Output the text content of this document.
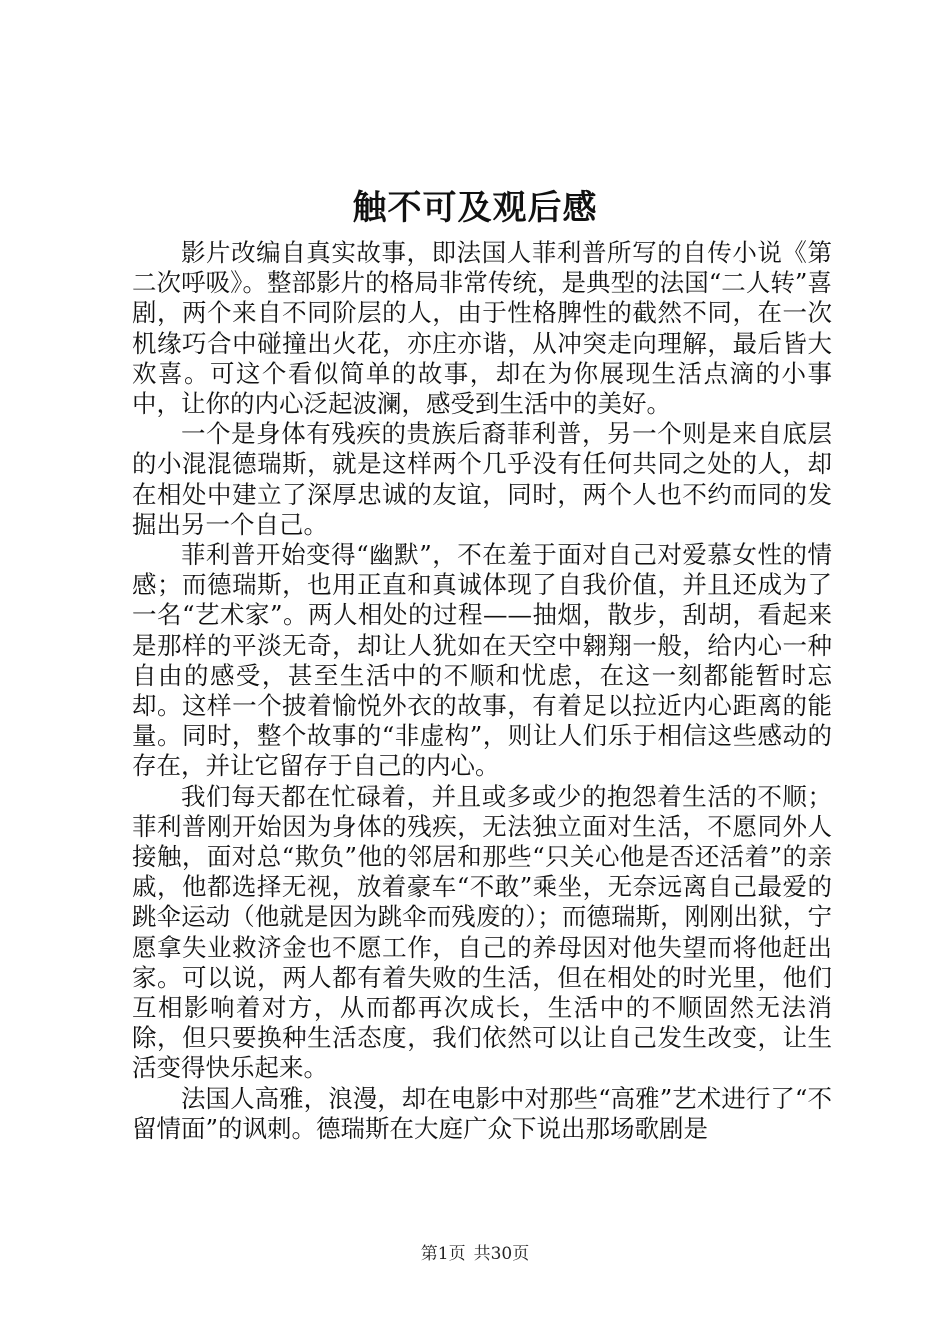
触不可及观后感

影片改编自真实故事，即法国人菲利普所写的自传小说《第二次呼吸》。整部影片的格局非常传统，是典型的法国“二人转”喜剧，两个来自不同阶层的人，由于性格脾性的截然不同，在一次机缘巧合中碰撞出火花，亦庄亦谐，从冲突走向理解，最后皆大欢喜。可这个看似简单的故事，却在为你展现生活点滴的小事中，让你的内心泛起波澜，感受到生活中的美好。

一个是身体有残疾的贵族后裔菲利普，另一个则是来自底层的小混混德瑞斯，就是这样两个几乎没有任何共同之处的人，却在相处中建立了深厚忠诚的友谊，同时，两个人也不约而同的发掘出另一个自己。

菲利普开始变得“幽默”，不在羞于面对自己对爱慕女性的情感；而德瑞斯，也用正直和真诚体现了自我价值，并且还成为了一名“艺术家”。两人相处的过程——抽烟，散步，刮胡，看起来是那样的平淡无奇，却让人犹如在天空中翱翔一般，给内心一种自由的感受，甚至生活中的不顺和忧虑，在这一刻都能暂时忘却。这样一个披着愉悦外衣的故事，有着足以拉近内心距离的能量。同时，整个故事的“非虚构”，则让人们乐于相信这些感动的存在，并让它留存于自己的内心。

我们每天都在忙碌着，并且或多或少的抱怨着生活的不顺；菲利普刚开始因为身体的残疾，无法独立面对生活，不愿同外人接触，面对总“欺负”他的邻居和那些“只关心他是否还活着”的亲戚，他都选择无视，放着豪车“不敢”乘坐，无奈远离自己最爱的跳伞运动（他就是因为跳伞而残废的）；而德瑞斯，刚刚出狱，宁愿拿失业救济金也不愿工作，自己的养母因对他失望而将他赶出家。可以说，两人都有着失败的生活，但在相处的时光里，他们互相影响着对方，从而都再次成长，生活中的不顺固然无法消除，但只要换种生活态度，我们依然可以让自己发生改变，让生活变得快乐起来。

法国人高雅，浪漫，却在电影中对那些“高雅”艺术进行了“不留情面”的讽刺。德瑞斯在大庭广众下说出那场歌剧是

第1页 共30页
